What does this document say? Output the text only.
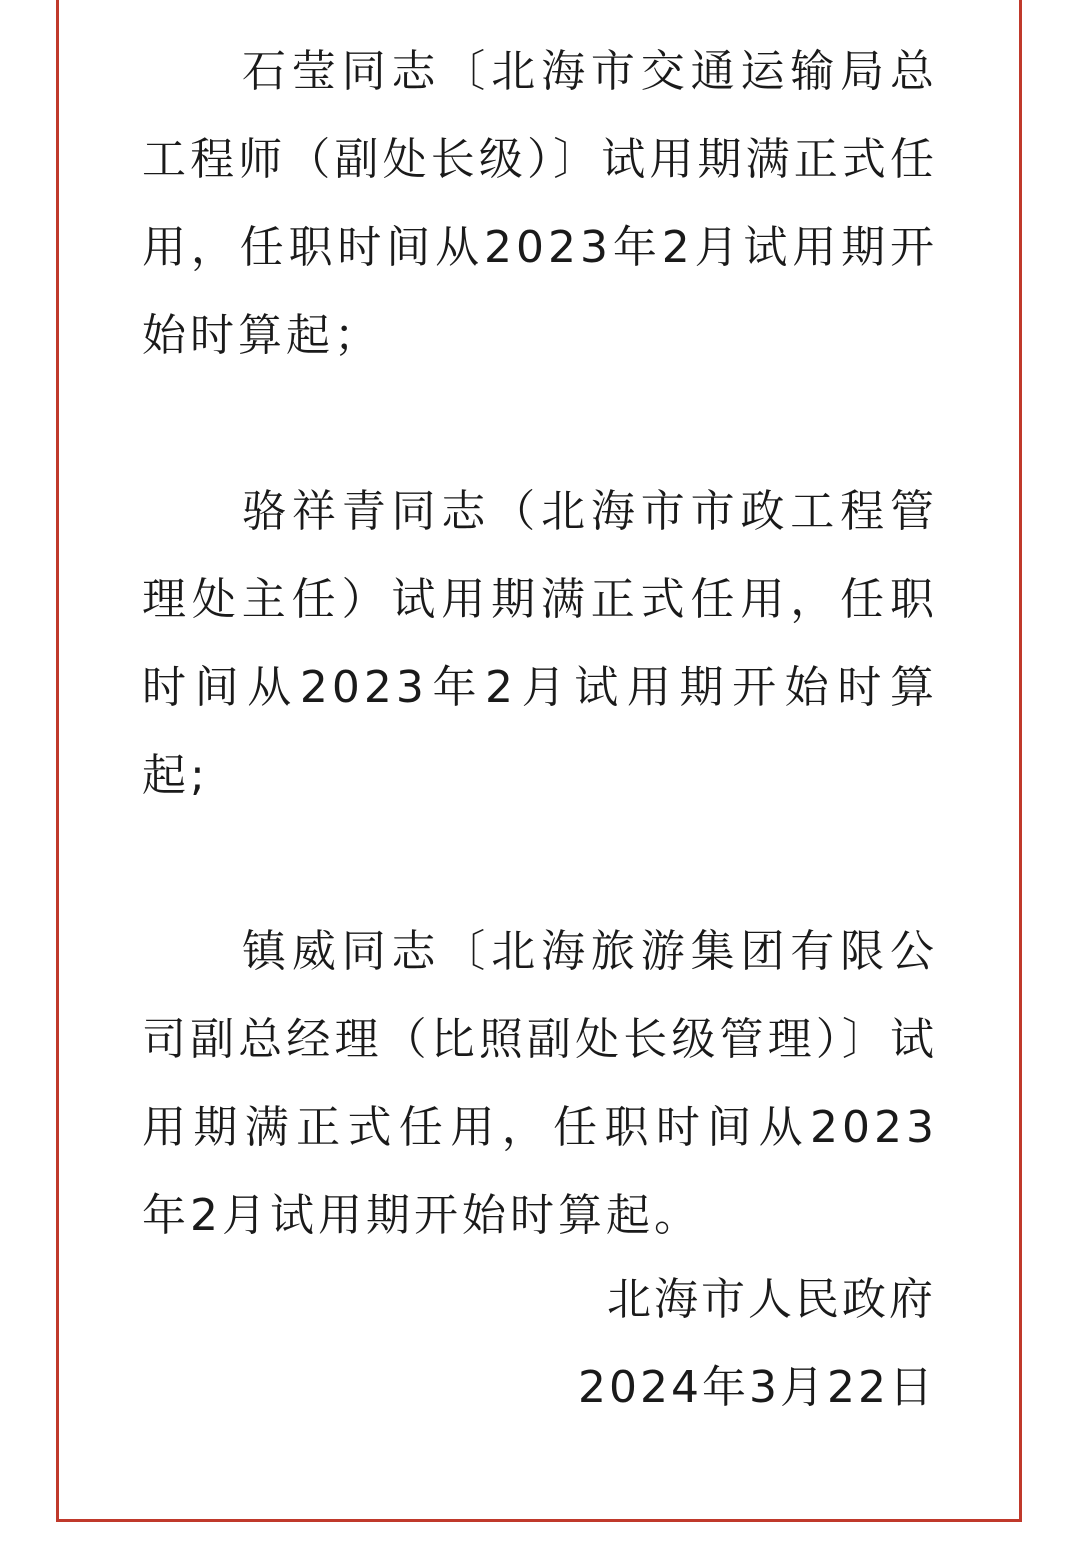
石莹同志〔北海市交通运输局总工程师（副处长级）〕试用期满正式任用，任职时间从2023年2月试用期开始时算起；

骆祥青同志（北海市市政工程管理处主任）试用期满正式任用，任职时间从2023年2月试用期开始时算起;

镇威同志〔北海旅游集团有限公司副总经理（比照副处长级管理）〕试用期满正式任用，任职时间从2023年2月试用期开始时算起。

北海市人民政府
2024年3月22日
